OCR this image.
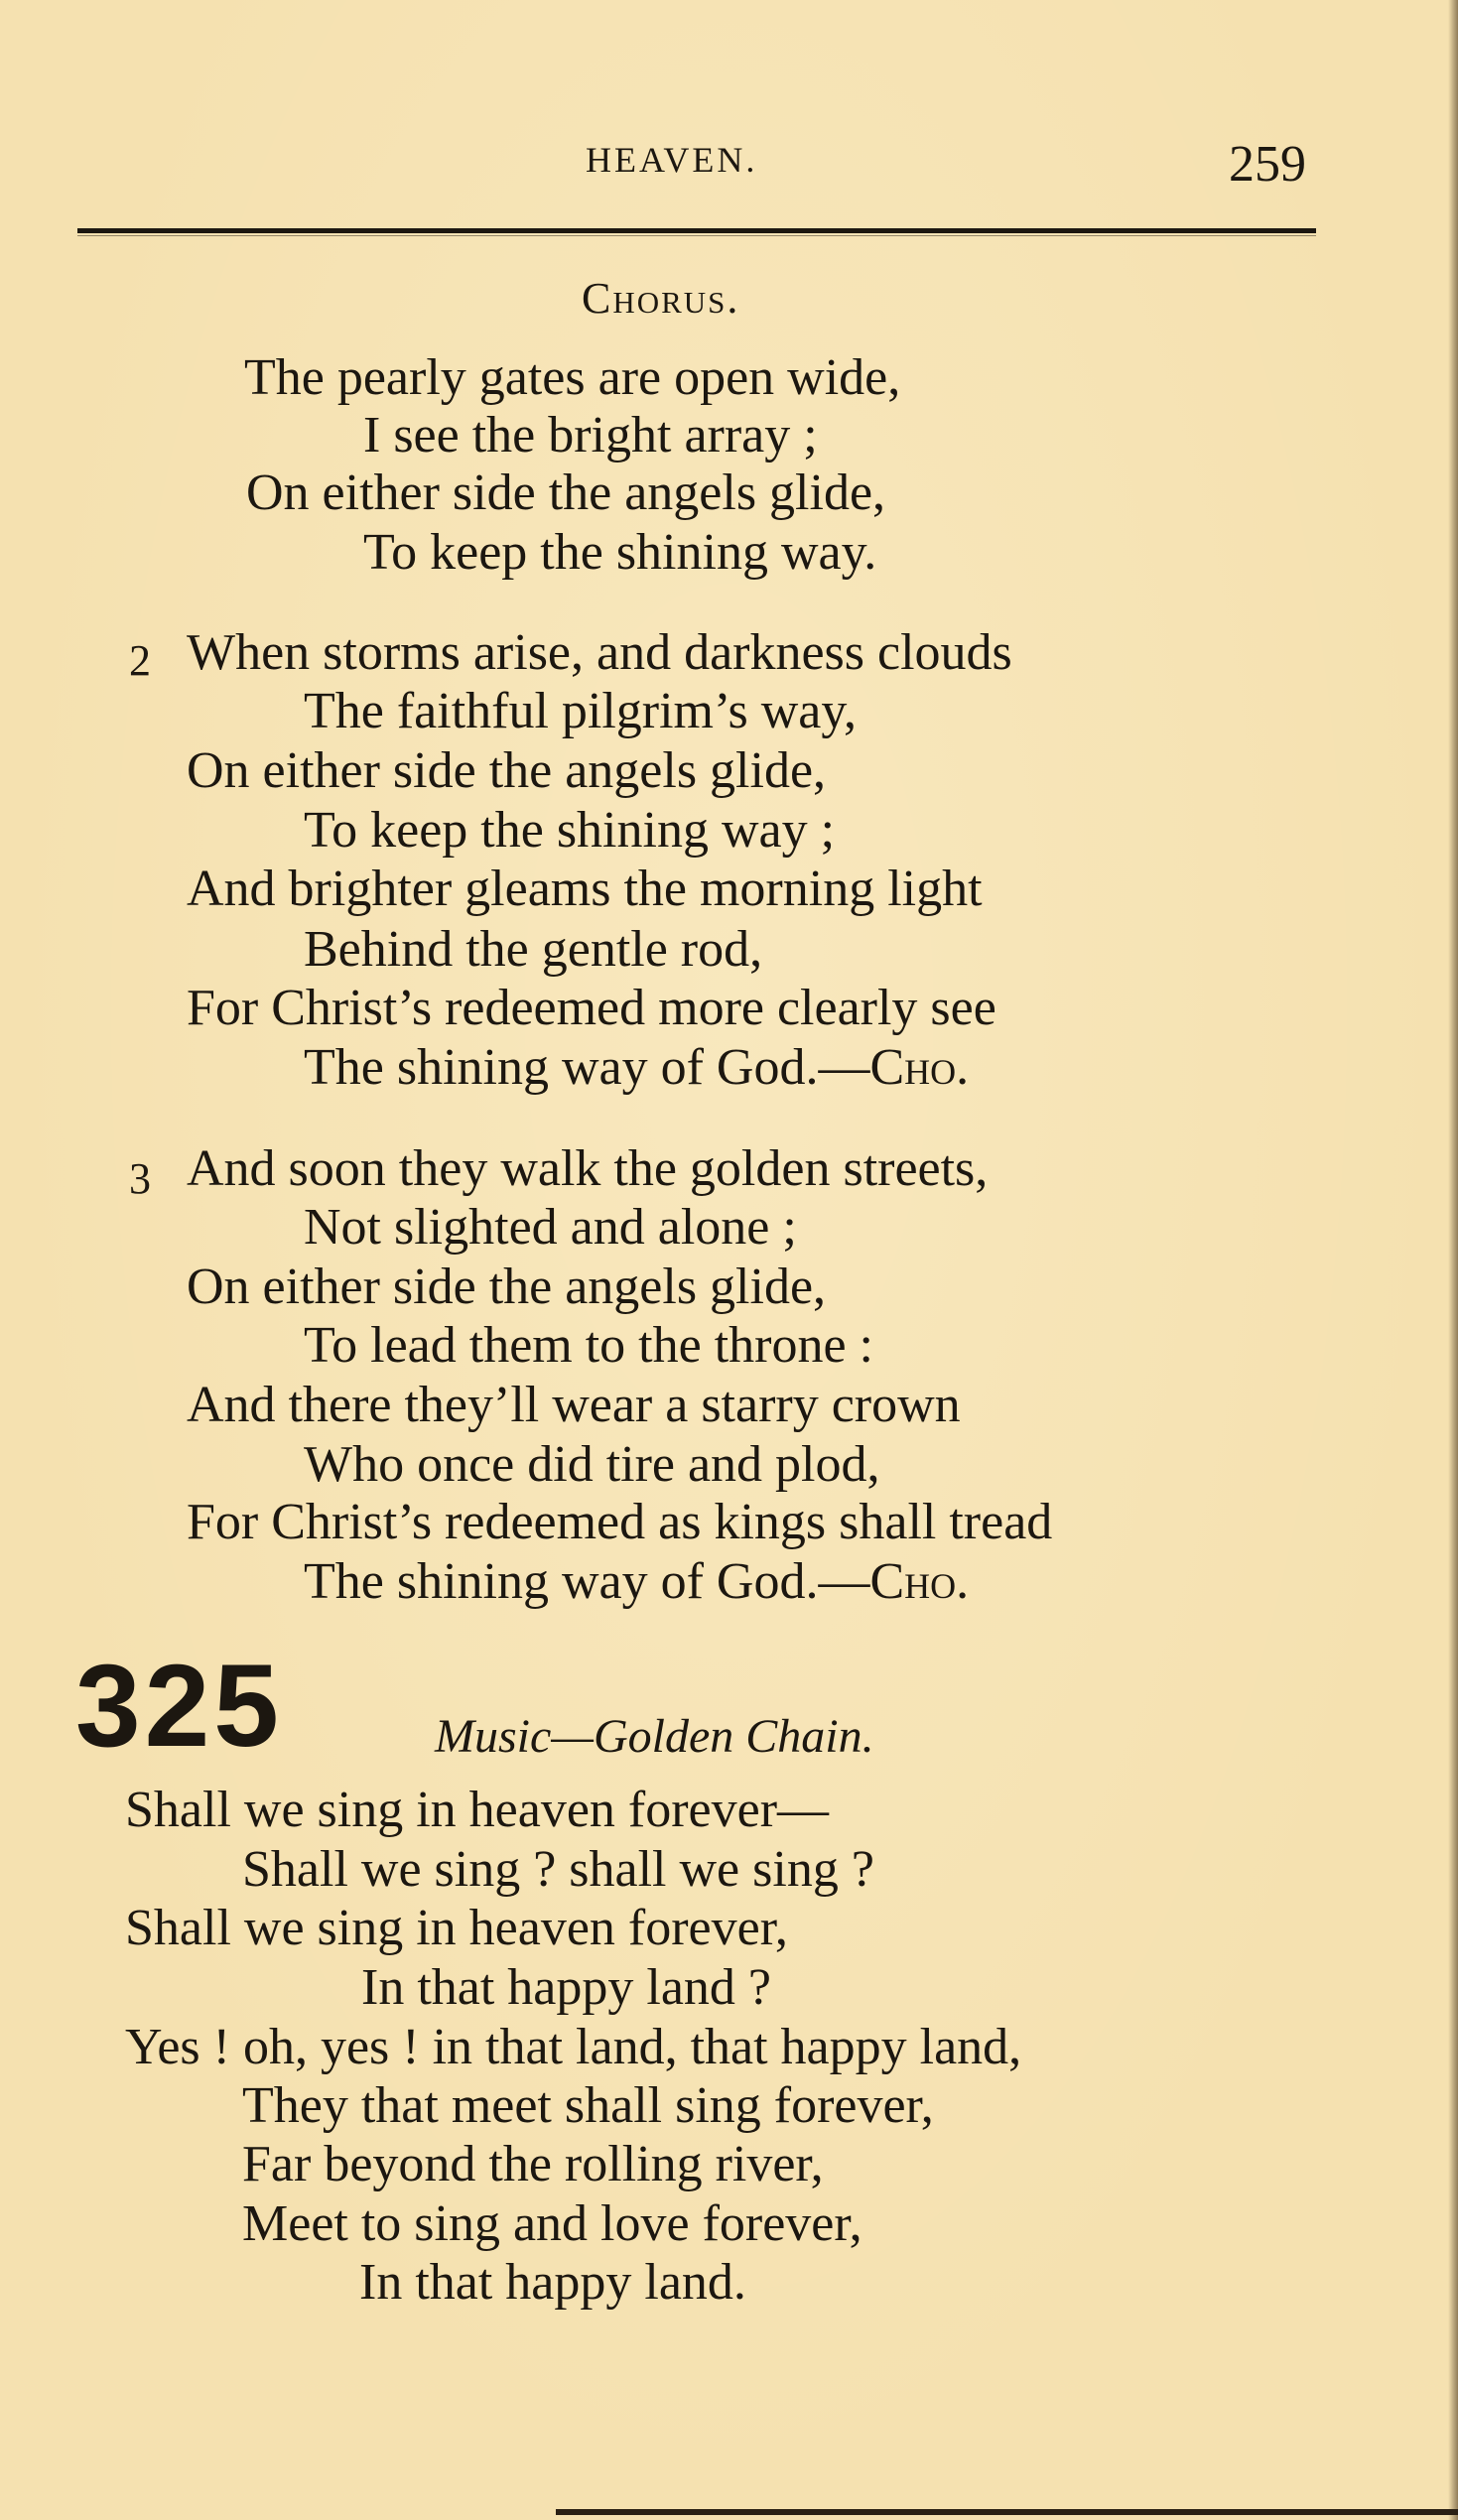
HEAVEN.	259
Chorus.
The pearly gates are open wide,
I see the bright array ;
On either side the angels glide,
To keep the shining way.
2 When storms arise, and darkness clouds
The faithful pilgrim’s way,
On either side the angels glide,
To keep the shining way ;
And brighter gleams the morning light
Behind the gentle rod,
For Christ’s redeemed more clearly see
The shining way of God.—Cho.
3 And soon they walk the golden streets,
Not slighted and alone ;
On either side the angels glide,
To lead them to the throne :
And there they’ll wear a starry crown
Who once did tire and plod,
For Christ’s redeemed as kings shall tread
The shining way of God.—Cho.
325	Music—Golden Chain.
Shall we sing in heaven forever—
Shall we sing ? shall we sing ?
Shall we sing in heaven forever,
In that happy land ?
Yes ! oh, yes ! in that land, that happy land,
They that meet shall sing forever,
Far beyond the rolling river,
Meet to sing and love forever,
In that happy land.
